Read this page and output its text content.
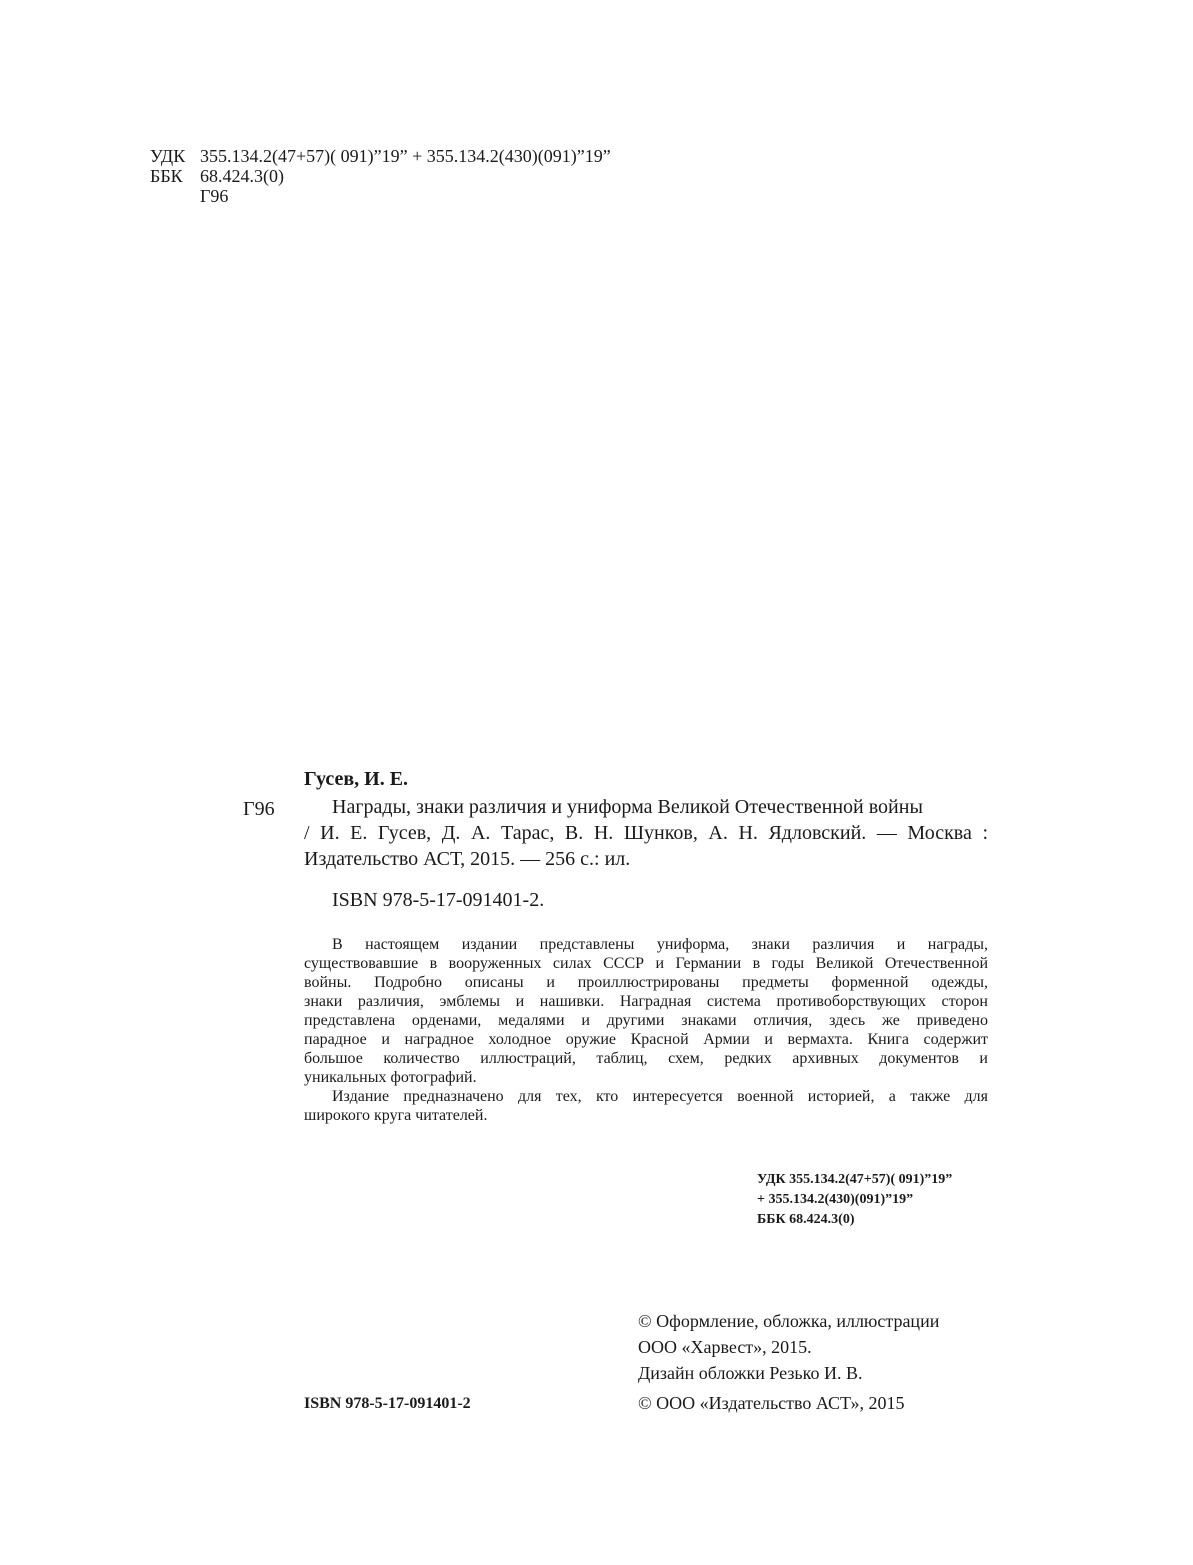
УДК 355.134.2(47+57)( 091)”19” + 355.134.2(430)(091)”19”
ББК 68.424.3(0)
Г96
Гусев, И. Е.
Г96	Награды, знаки различия и униформа Великой Отечественной войны
/ И. Е. Гусев, Д. А. Тарас, В. Н. Шунков, А. Н. Ядловский. — Москва :
Издательство АСТ, 2015. — 256 с.: ил.
ISBN 978-5-17-091401-2.
В настоящем издании представлены униформа, знаки различия и награды,
существовавшие в вооруженных силах СССР и Германии в годы Великой Отечественной
войны. Подробно описаны и проиллюстрированы предметы форменной одежды,
знаки различия, эмблемы и нашивки. Наградная система противоборствующих сторон
представлена орденами, медалями и другими знаками отличия, здесь же приведено
парадное и наградное холодное оружие Красной Армии и вермахта. Книга содержит
большое количество иллюстраций, таблиц, схем, редких архивных документов и
уникальных фотографий.
Издание предназначено для тех, кто интересуется военной историей, а также для
широкого круга читателей.
УДК 355.134.2(47+57)( 091)”19”
+ 355.134.2(430)(091)”19”
ББК 68.424.3(0)
© Оформление, обложка, иллюстрации
ООО «Харвест», 2015.
Дизайн обложки Резько И. В.
© ООО «Издательство АСТ», 2015
ISBN 978-5-17-091401-2
